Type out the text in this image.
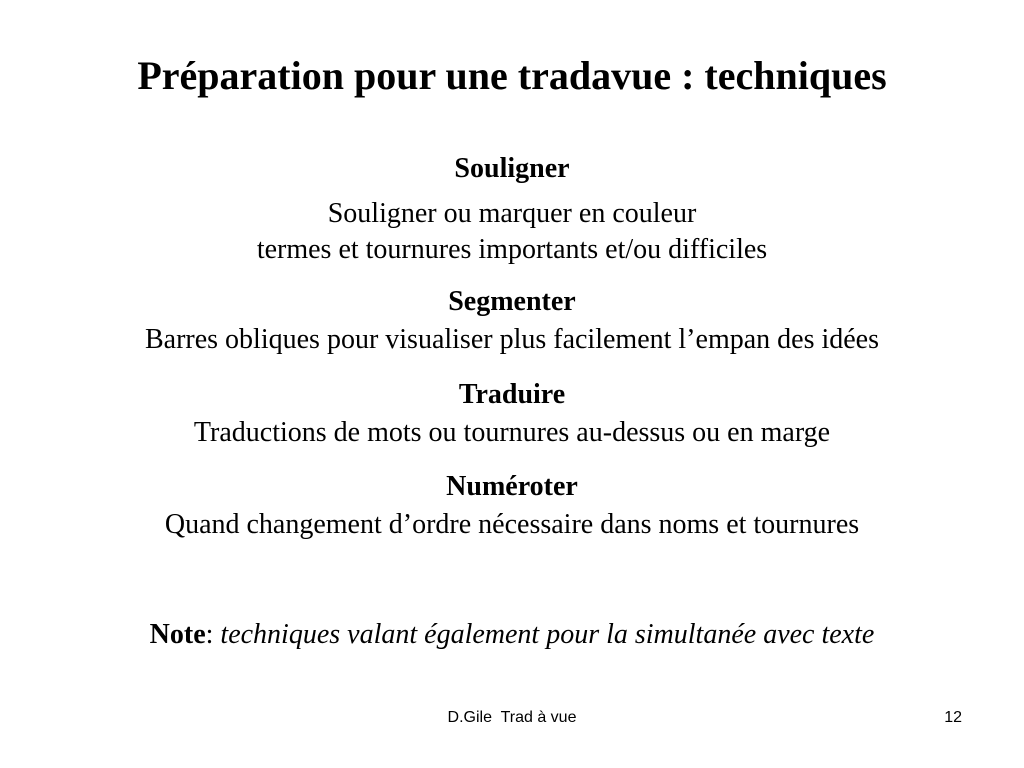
Préparation pour une tradavue : techniques
Souligner
Souligner ou marquer en couleur
termes et tournures importants et/ou difficiles
Segmenter
Barres obliques pour visualiser plus facilement l’empan des idées
Traduire
Traductions de mots ou tournures au-dessus ou en marge
Numéroter
Quand changement d’ordre nécessaire dans noms et tournures
Note: techniques valant également pour la simultanée avec texte
D.Gile  Trad à vue	12
